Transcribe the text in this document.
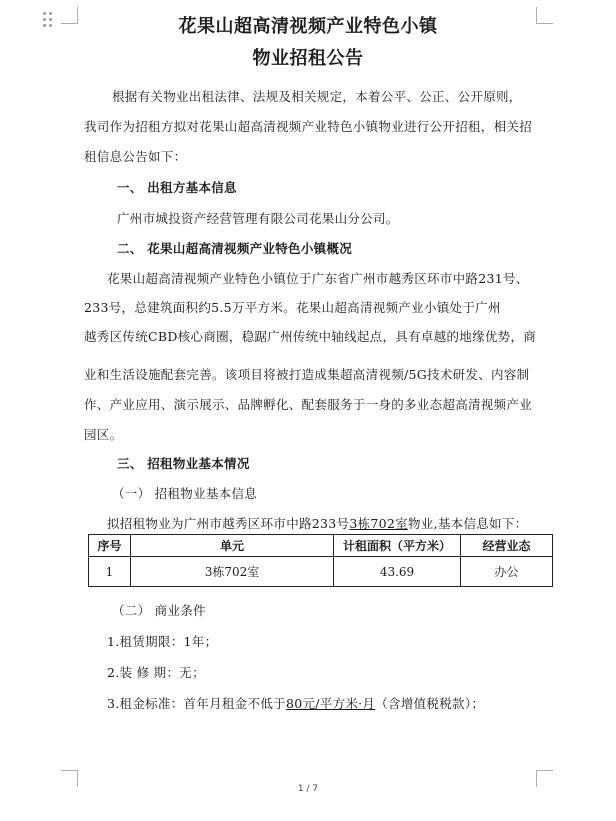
花果山超高清视频产业特色小镇
物业招租公告
根据有关物业出租法律、法规及相关规定，本着公平、公正、公开原则，
我司作为招租方拟对花果山超高清视频产业特色小镇物业进行公开招租，相关招
租信息公告如下：
一、 出租方基本信息
广州市城投资产经营管理有限公司花果山分公司。
二、 花果山超高清视频产业特色小镇概况
花果山超高清视频产业特色小镇位于广东省广州市越秀区环市中路231号、
233号，总建筑面积约5.5万平方米。花果山超高清视频产业小镇处于广州
越秀区传统CBD核心商圈，稳踞广州传统中轴线起点，具有卓越的地缘优势，商
业和生活设施配套完善。该项目将被打造成集超高清视频/5G技术研发、内容制
作、产业应用、演示展示、品牌孵化、配套服务于一身的多业态超高清视频产业
园区。
三、 招租物业基本情况
（一） 招租物业基本信息
拟招租物业为广州市越秀区环市中路233号3栋702室物业,基本信息如下：
序号	单元	计租面积（平方米）	经营业态
1	3栋702室	43.69	办公
（二） 商业条件
1.租赁期限：1年；
2.装 修 期：无；
3.租金标准：首年月租金不低于80元/平方米·月（含增值税税款）；
1 / 7
